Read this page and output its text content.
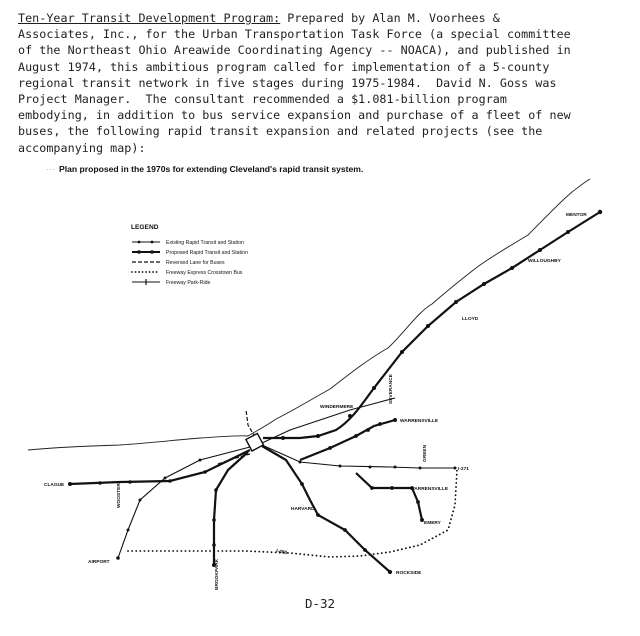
Ten-Year Transit Development Program: Prepared by Alan M. Voorhees &
Associates, Inc., for the Urban Transportation Task Force (a special committee
of the Northeast Ohio Areawide Coordinating Agency -- NOACA), and published in
August 1974, this ambitious program called for implementation of a 5-county
regional transit network in five stages during 1975-1984.  David N. Goss was
Project Manager.  The consultant recommended a $1.081-billion program
embodying, in addition to bus service expansion and purchase of a fleet of new
buses, the following rapid transit expansion and related projects (see the
accompanying map):
··· Plan proposed in the 1970s for extending Cleveland's rapid transit system.
LEGEND
Existing Rapid Transit and Station
Proposed Rapid Transit and Station
Reversed Lane for Buses
Freeway Express Crosstown Bus
Freeway Park-Ride
MENTOR
WILLOUGHBY
LLOYD
WINDERMERE
SEVERANCE
WARRENSVILLE
GREEN
I-271
WARRENSVILLE
EMERY
HARVARD
ROCKSIDE
CLAGUE	WOOSTER
AIRPORT	BROOKPARK
I-480
D-32
